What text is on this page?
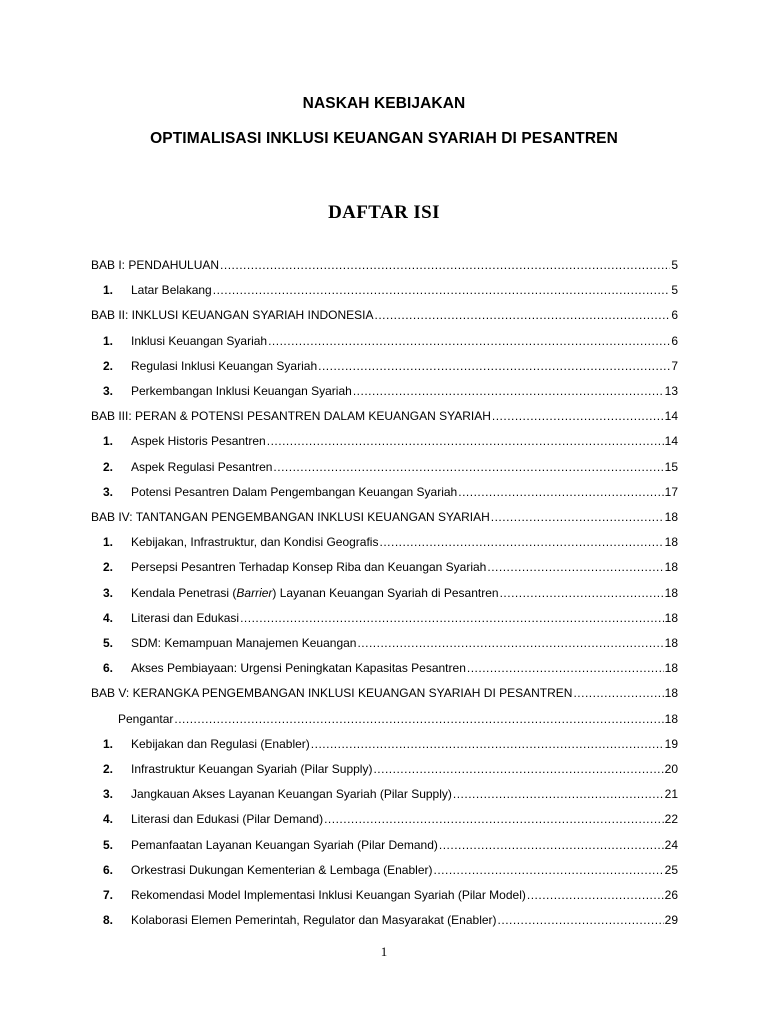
NASKAH KEBIJAKAN
OPTIMALISASI INKLUSI KEUANGAN SYARIAH DI PESANTREN
DAFTAR ISI
BAB I: PENDAHULUAN .....	5
1. Latar Belakang .....	5
BAB II: INKLUSI KEUANGAN SYARIAH INDONESIA .....	6
1. Inklusi Keuangan Syariah .....	6
2. Regulasi Inklusi Keuangan Syariah .....	7
3. Perkembangan Inklusi Keuangan Syariah .....	13
BAB III: PERAN & POTENSI PESANTREN DALAM KEUANGAN SYARIAH .....	14
1. Aspek Historis Pesantren .....	14
2. Aspek Regulasi Pesantren .....	15
3. Potensi Pesantren Dalam Pengembangan Keuangan Syariah .....	17
BAB IV: TANTANGAN PENGEMBANGAN INKLUSI KEUANGAN SYARIAH .....	18
1. Kebijakan, Infrastruktur, dan Kondisi Geografis .....	18
2. Persepsi Pesantren Terhadap Konsep Riba dan Keuangan Syariah .....	18
3. Kendala Penetrasi (Barrier) Layanan Keuangan Syariah di Pesantren .....	18
4. Literasi dan Edukasi .....	18
5. SDM: Kemampuan Manajemen Keuangan .....	18
6. Akses Pembiayaan: Urgensi Peningkatan Kapasitas Pesantren .....	18
BAB V: KERANGKA PENGEMBANGAN INKLUSI KEUANGAN SYARIAH DI PESANTREN .....	18
Pengantar .....	18
1. Kebijakan dan Regulasi (Enabler) .....	19
2. Infrastruktur Keuangan Syariah (Pilar Supply) .....	20
3. Jangkauan Akses Layanan Keuangan Syariah (Pilar Supply) .....	21
4. Literasi dan Edukasi (Pilar Demand) .....	22
5. Pemanfaatan Layanan Keuangan Syariah (Pilar Demand) .....	24
6. Orkestrasi Dukungan Kementerian & Lembaga (Enabler) .....	25
7. Rekomendasi Model Implementasi Inklusi Keuangan Syariah (Pilar Model) .....	26
8. Kolaborasi Elemen Pemerintah, Regulator dan Masyarakat (Enabler) .....	29
1
